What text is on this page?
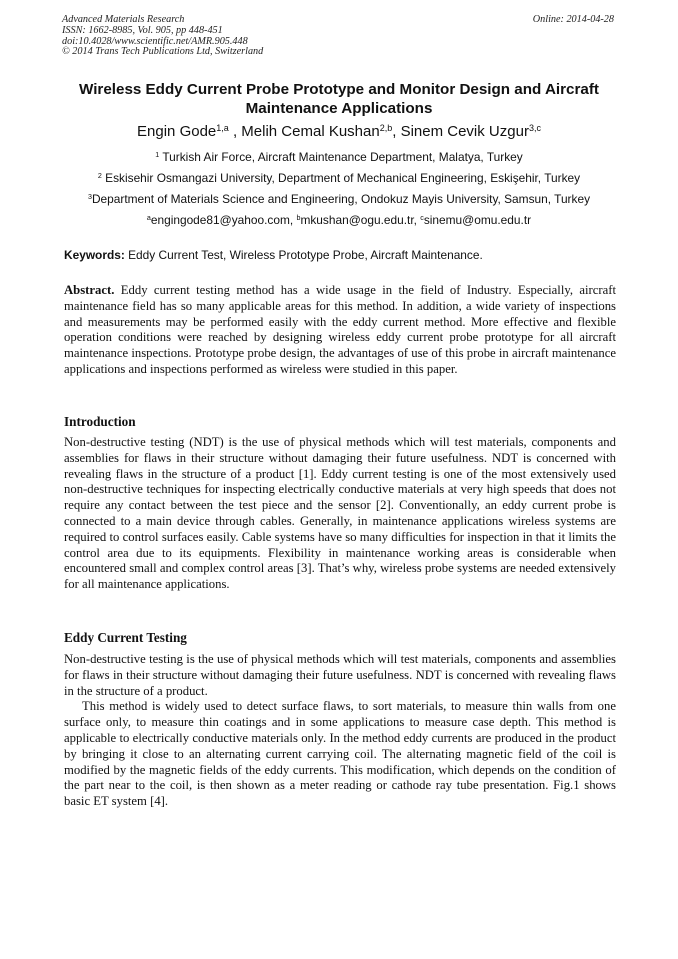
Advanced Materials Research
ISSN: 1662-8985, Vol. 905, pp 448-451
doi:10.4028/www.scientific.net/AMR.905.448
© 2014 Trans Tech Publications Ltd, Switzerland
Online: 2014-04-28
Wireless Eddy Current Probe Prototype and Monitor Design and Aircraft Maintenance Applications
Engin Gode$^{1,a}$ , Melih Cemal Kushan$^{2,b}$, Sinem Cevik Uzgur$^{3,c}$
$^1$ Turkish Air Force, Aircraft Maintenance Department, Malatya, Turkey
$^2$ Eskisehir Osmangazi University, Department of Mechanical Engineering, Eskişehir, Turkey
$^3$Department of Materials Science and Engineering, Ondokuz Mayis University, Samsun, Turkey
$^a$engingode81@yahoo.com, $^b$mkushan@ogu.edu.tr, $^c$sinemu@omu.edu.tr
Keywords: Eddy Current Test, Wireless Prototype Probe, Aircraft Maintenance.
Abstract. Eddy current testing method has a wide usage in the field of Industry. Especially, aircraft maintenance field has so many applicable areas for this method. In addition, a wide variety of inspections and measurements may be performed easily with the eddy current method. More effective and flexible operation conditions were reached by designing wireless eddy current probe prototype for all aircraft maintenance inspections. Prototype probe design, the advantages of use of this probe in aircraft maintenance applications and inspections performed as wireless were studied in this paper.
Introduction

Non-destructive testing (NDT) is the use of physical methods which will test materials, components and assemblies for flaws in their structure without damaging their future usefulness. NDT is concerned with revealing flaws in the structure of a product [1]. Eddy current testing is one of the most extensively used non-destructive techniques for inspecting electrically conductive materials at very high speeds that does not require any contact between the test piece and the sensor [2]. Conventionally, an eddy current probe is connected to a main device through cables. Generally, in maintenance applications wireless systems are required to control surfaces easily. Cable systems have so many difficulties for inspection in that it limits the control area due to its equipments. Flexibility in maintenance working areas is considerable when encountered small and complex control areas [3]. That’s why, wireless probe systems are needed extensively for all maintenance applications.

Eddy Current Testing

Non-destructive testing is the use of physical methods which will test materials, components and assemblies for flaws in their structure without damaging their future usefulness. NDT is concerned with revealing flaws in the structure of a product.

This method is widely used to detect surface flaws, to sort materials, to measure thin walls from one surface only, to measure thin coatings and in some applications to measure case depth. This method is applicable to electrically conductive materials only. In the method eddy currents are produced in the product by bringing it close to an alternating current carrying coil. The alternating magnetic field of the coil is modified by the magnetic fields of the eddy currents. This modification, which depends on the condition of the part near to the coil, is then shown as a meter reading or cathode ray tube presentation. Fig.1 shows basic ET system [4].
